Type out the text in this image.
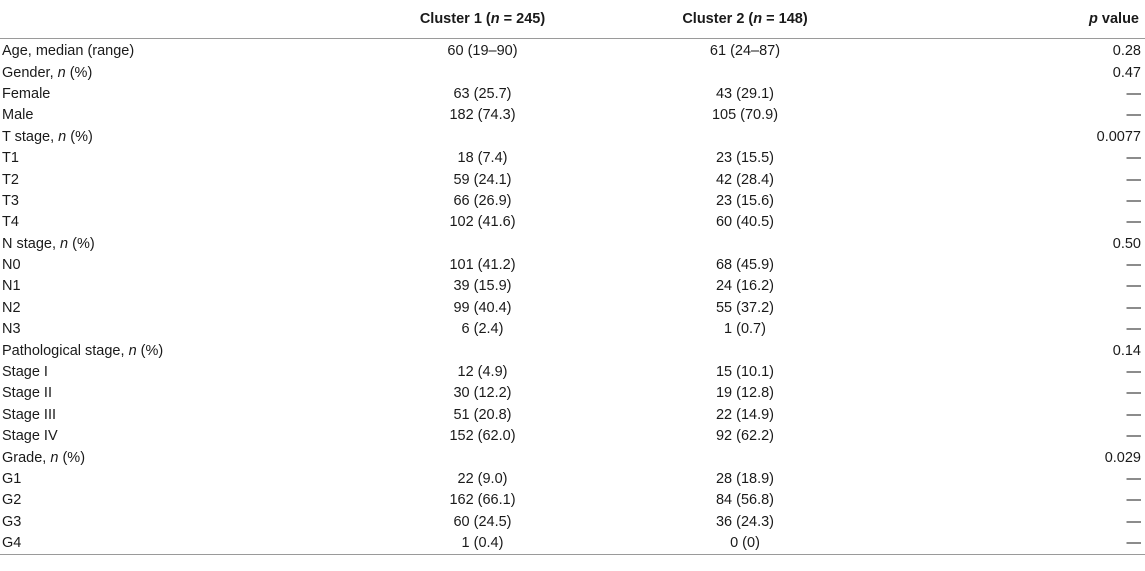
	Cluster 1 (n = 245)	Cluster 2 (n = 148)	p value
Age, median (range)	60 (19–90)	61 (24–87)	0.28
Gender, n (%)			0.47
Female	63 (25.7)	43 (29.1)	—
Male	182 (74.3)	105 (70.9)	—
T stage, n (%)			0.0077
T1	18 (7.4)	23 (15.5)	—
T2	59 (24.1)	42 (28.4)	—
T3	66 (26.9)	23 (15.6)	—
T4	102 (41.6)	60 (40.5)	—
N stage, n (%)			0.50
N0	101 (41.2)	68 (45.9)	—
N1	39 (15.9)	24 (16.2)	—
N2	99 (40.4)	55 (37.2)	—
N3	6 (2.4)	1 (0.7)	—
Pathological stage, n (%)			0.14
Stage I	12 (4.9)	15 (10.1)	—
Stage II	30 (12.2)	19 (12.8)	—
Stage III	51 (20.8)	22 (14.9)	—
Stage IV	152 (62.0)	92 (62.2)	—
Grade, n (%)			0.029
G1	22 (9.0)	28 (18.9)	—
G2	162 (66.1)	84 (56.8)	—
G3	60 (24.5)	36 (24.3)	—
G4	1 (0.4)	0 (0)	—
